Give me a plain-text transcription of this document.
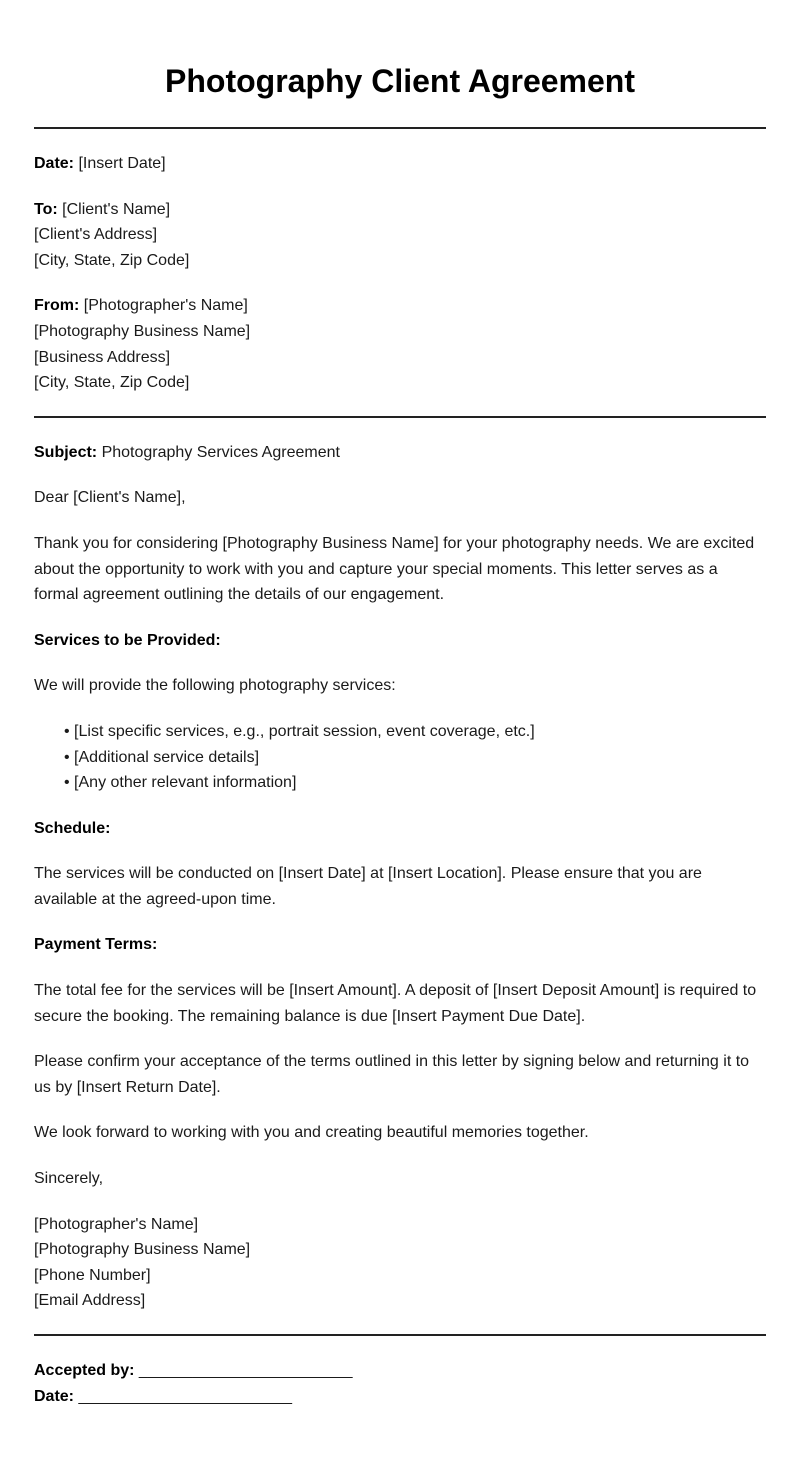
Photography Client Agreement
Date: [Insert Date]
To: [Client's Name]
[Client's Address]
[City, State, Zip Code]
From: [Photographer's Name]
[Photography Business Name]
[Business Address]
[City, State, Zip Code]
Subject: Photography Services Agreement

Dear [Client's Name],

Thank you for considering [Photography Business Name] for your photography needs. We are excited about the opportunity to work with you and capture your special moments. This letter serves as a formal agreement outlining the details of our engagement.

Services to be Provided:

We will provide the following photography services:

• [List specific services, e.g., portrait session, event coverage, etc.]
• [Additional service details]
• [Any other relevant information]

Schedule:

The services will be conducted on [Insert Date] at [Insert Location]. Please ensure that you are available at the agreed-upon time.

Payment Terms:

The total fee for the services will be [Insert Amount]. A deposit of [Insert Deposit Amount] is required to secure the booking. The remaining balance is due [Insert Payment Due Date].

Please confirm your acceptance of the terms outlined in this letter by signing below and returning it to us by [Insert Return Date].

We look forward to working with you and creating beautiful memories together.

Sincerely,

[Photographer's Name]
[Photography Business Name]
[Phone Number]
[Email Address]
Accepted by: ________________________
Date: ________________________
